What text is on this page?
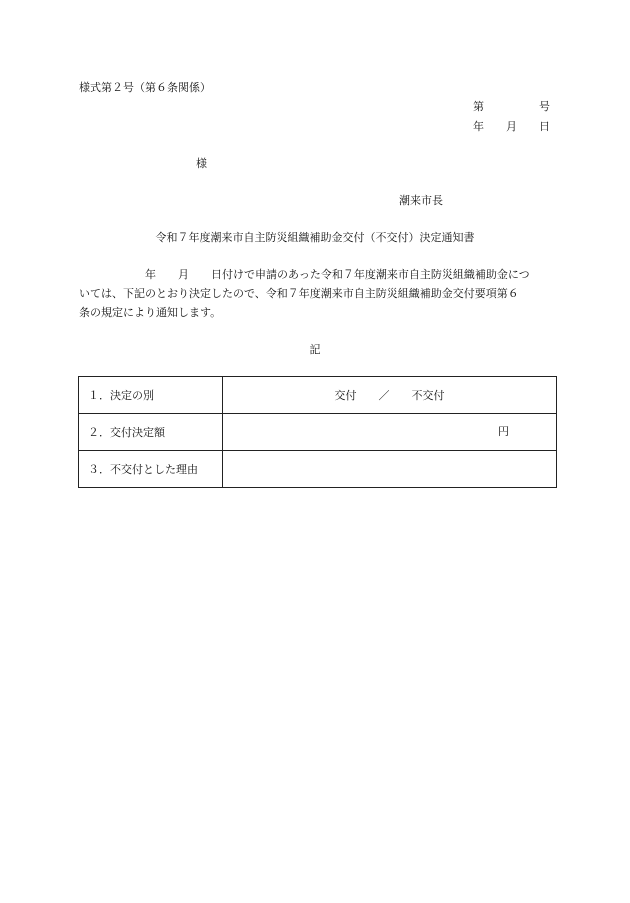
様式第２号（第６条関係）
第　　　　　号
年　　月　　日
様
潮来市長
令和７年度潮来市自主防災組織補助金交付（不交付）決定通知書
　　　　　　年　　月　　日付けで申請のあった令和７年度潮来市自主防災組織補助金につ
いては、下記のとおり決定したので、令和７年度潮来市自主防災組織補助金交付要項第６
条の規定により通知します。
記
１．決定の別	交付　　／　　不交付
２．交付決定額	円

３．不交付とした理由	
